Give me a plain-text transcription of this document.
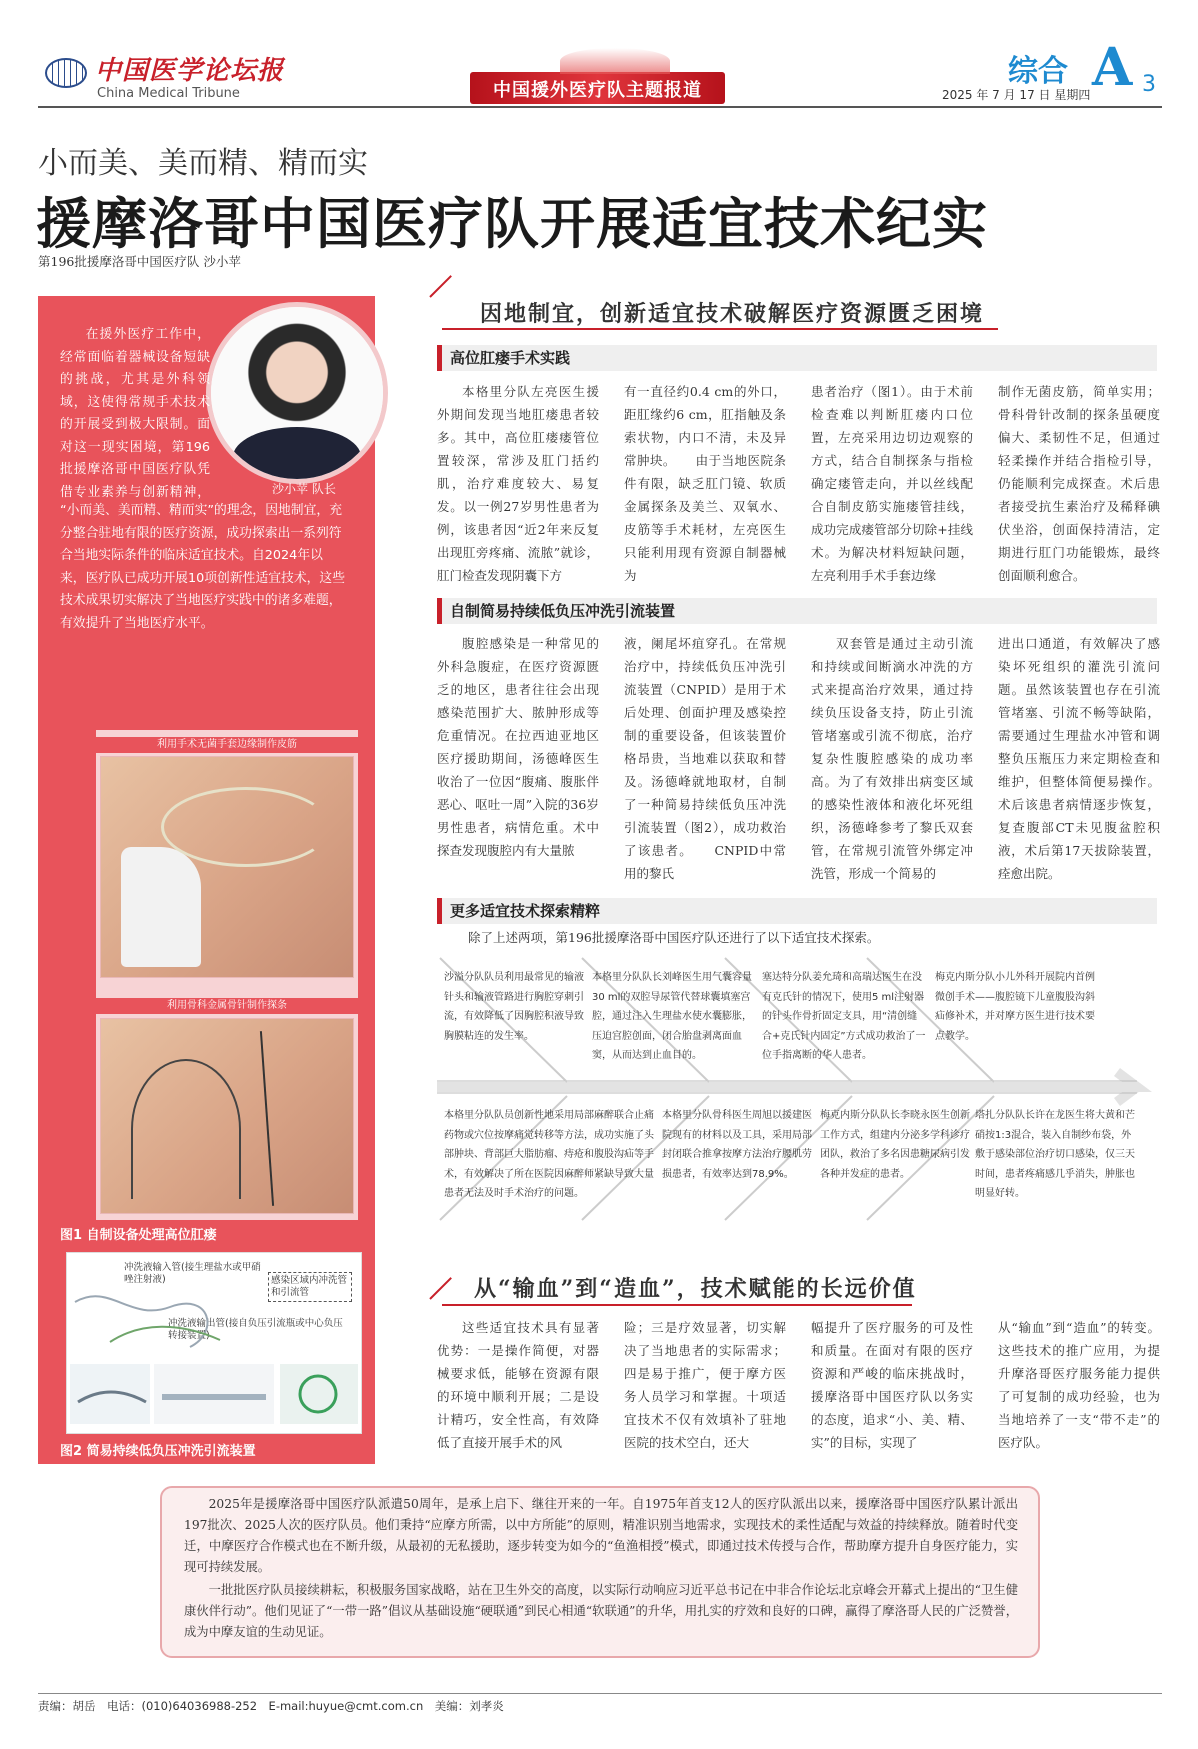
中国医学论坛报
China Medical Tribune	中国援外医疗队主题报道
综合 A 3
2025 年 7 月 17 日 星期四
小而美、美而精、精而实
援摩洛哥中国医疗队开展适宜技术纪实
第196批援摩洛哥中国医疗队 沙小苹
沙小苹 队长
在援外医疗工作中，经常面临着器械设备短缺的挑战，尤其是外科领域，这使得常规手术技术的开展受到极大限制。面对这一现实困境，第196批援摩洛哥中国医疗队凭借专业素养与创新精神，
“小而美、美而精、精而实”的理念，因地制宜，充分整合驻地有限的医疗资源，成功探索出一系列符合当地实际条件的临床适宜技术。自2024年以来，医疗队已成功开展10项创新性适宜技术，这些技术成果切实解决了当地医疗实践中的诸多难题，有效提升了当地医疗水平。
利用手术无菌手套边缘制作皮筋
利用骨科金属骨针制作探条
图1 自制设备处理高位肛瘘
冲洗液输入管(接生理盐水或甲硝唑注射液)	感染区域内冲洗管和引流管
冲洗液输出管(接自负压引流瓶或中心负压转接装置)
图2 简易持续低负压冲洗引流装置
因地制宜，创新适宜技术破解医疗资源匮乏困境
高位肛瘘手术实践

本格里分队左亮医生援外期间发现当地肛瘘患者较多。其中，高位肛瘘瘘管位置较深，常涉及肛门括约肌，治疗难度较大、易复发。以一例27岁男性患者为例，该患者因“近2年来反复出现肛旁疼痛、流脓”就诊，肛门检查发现阴囊下方

有一直径约0.4 cm的外口，距肛缘约6 cm，肛指触及条索状物，内口不清，未及异常肿块。　　由于当地医院条件有限，缺乏肛门镜、软质金属探条及美兰、双氧水、皮筋等手术耗材，左亮医生只能利用现有资源自制器械为

患者治疗（图1）。由于术前检查难以判断肛瘘内口位置，左亮采用边切边观察的方式，结合自制探条与指检确定瘘管走向，并以丝线配合自制皮筋实施瘘管挂线，成功完成瘘管部分切除+挂线术。为解决材料短缺问题，左亮利用手术手套边缘

制作无菌皮筋，简单实用；骨科骨针改制的探条虽硬度偏大、柔韧性不足，但通过轻柔操作并结合指检引导，仍能顺利完成探查。术后患者接受抗生素治疗及稀释碘伏坐浴，创面保持清洁，定期进行肛门功能锻炼，最终创面顺利愈合。

自制简易持续低负压冲洗引流装置

腹腔感染是一种常见的外科急腹症，在医疗资源匮乏的地区，患者往往会出现感染范围扩大、脓肿形成等危重情况。在拉西迪亚地区医疗援助期间，汤德峰医生收治了一位因“腹痛、腹胀伴恶心、呕吐一周”入院的36岁男性患者，病情危重。术中探查发现腹腔内有大量脓

液，阑尾坏疽穿孔。在常规治疗中，持续低负压冲洗引流装置（CNPID）是用于术后处理、创面护理及感染控制的重要设备，但该装置价格昂贵，当地难以获取和替及。汤德峰就地取材，自制了一种简易持续低负压冲洗引流装置（图2），成功救治了该患者。　　CNPID中常用的黎氏

双套管是通过主动引流和持续或间断滴水冲洗的方式来提高治疗效果，通过持续负压设备支持，防止引流管堵塞或引流不彻底，治疗复杂性腹腔感染的成功率高。为了有效排出病变区域的感染性液体和液化坏死组织，汤德峰参考了黎氏双套管，在常规引流管外绑定冲洗管，形成一个简易的

进出口通道，有效解决了感染坏死组织的灌洗引流问题。虽然该装置也存在引流管堵塞、引流不畅等缺陷，需要通过生理盐水冲管和调整负压瓶压力来定期检查和维护，但整体简便易操作。术后该患者病情逐步恢复，复查腹部CT未见腹盆腔积液，术后第17天拔除装置，痊愈出院。

更多适宜技术探索精粹
除了上述两项，第196批援摩洛哥中国医疗队还进行了以下适宜技术探索。
沙溢分队队员利用最常见的输液针头和输液管路进行胸腔穿刺引流，有效降低了因胸腔积液导致胸膜粘连的发生率。
本格里分队队长刘峰医生用气囊容量30 ml的双腔导尿管代替球囊填塞宫腔，通过注入生理盐水使水囊膨胀，压迫宫腔创面，闭合胎盘剥离面血窦，从而达到止血目的。
塞达特分队姜允琦和高瑞达医生在没有克氏针的情况下，使用5 ml注射器的针头作骨折固定支具，用“清创缝合+克氏针内固定”方式成功救治了一位手指离断的华人患者。
梅克内斯分队小儿外科开展院内首例微创手术——腹腔镜下儿童腹股沟斜疝修补术，并对摩方医生进行技术要点教学。
本格里分队队员创新性地采用局部麻醉联合止痛药物或穴位按摩痛觉转移等方法，成功实施了头部肿块、背部巨大脂肪瘤、痔疮和腹股沟疝等手术，有效解决了所在医院因麻醉师紧缺导致大量患者无法及时手术治疗的问题。
本格里分队骨科医生周旭以援建医院现有的材料以及工具，采用局部封闭联合推拿按摩方法治疗腰肌劳损患者，有效率达到78.9%。
梅克内斯分队队长李晓永医生创新工作方式，组建内分泌多学科诊疗团队，救治了多名因患糖尿病引发各种并发症的患者。
塔扎分队队长许在龙医生将大黄和芒硝按1:3混合，装入自制纱布袋，外敷于感染部位治疗切口感染，仅三天时间，患者疼痛感几乎消失，肿胀也明显好转。
从“输血”到“造血”，技术赋能的长远价值

这些适宜技术具有显著优势：一是操作简便，对器械要求低，能够在资源有限的环境中顺利开展；二是设计精巧，安全性高，有效降低了直接开展手术的风

险；三是疗效显著，切实解决了当地患者的实际需求；四是易于推广，便于摩方医务人员学习和掌握。十项适宜技术不仅有效填补了驻地医院的技术空白，还大

幅提升了医疗服务的可及性和质量。在面对有限的医疗资源和严峻的临床挑战时，援摩洛哥中国医疗队以务实的态度，追求“小、美、精、实”的目标，实现了

从“输血”到“造血”的转变。这些技术的推广应用，为提升摩洛哥医疗服务能力提供了可复制的成功经验，也为当地培养了一支“带不走”的医疗队。

2025年是援摩洛哥中国医疗队派遣50周年，是承上启下、继往开来的一年。自1975年首支12人的医疗队派出以来，援摩洛哥中国医疗队累计派出197批次、2025人次的医疗队员。他们秉持“应摩方所需，以中方所能”的原则，精准识别当地需求，实现技术的柔性适配与效益的持续释放。随着时代变迁，中摩医疗合作模式也在不断升级，从最初的无私援助，逐步转变为如今的“鱼渔相授”模式，即通过技术传授与合作，帮助摩方提升自身医疗能力，实现可持续发展。
一批批医疗队员接续耕耘，积极服务国家战略，站在卫生外交的高度，以实际行动响应习近平总书记在中非合作论坛北京峰会开幕式上提出的“卫生健康伙伴行动”。他们见证了“一带一路”倡议从基础设施“硬联通”到民心相通“软联通”的升华，用扎实的疗效和良好的口碑，赢得了摩洛哥人民的广泛赞誉，成为中摩友谊的生动见证。
责编：胡岳　电话：(010)64036988-252　E-mail:huyue@cmt.com.cn　美编：刘孝炎
